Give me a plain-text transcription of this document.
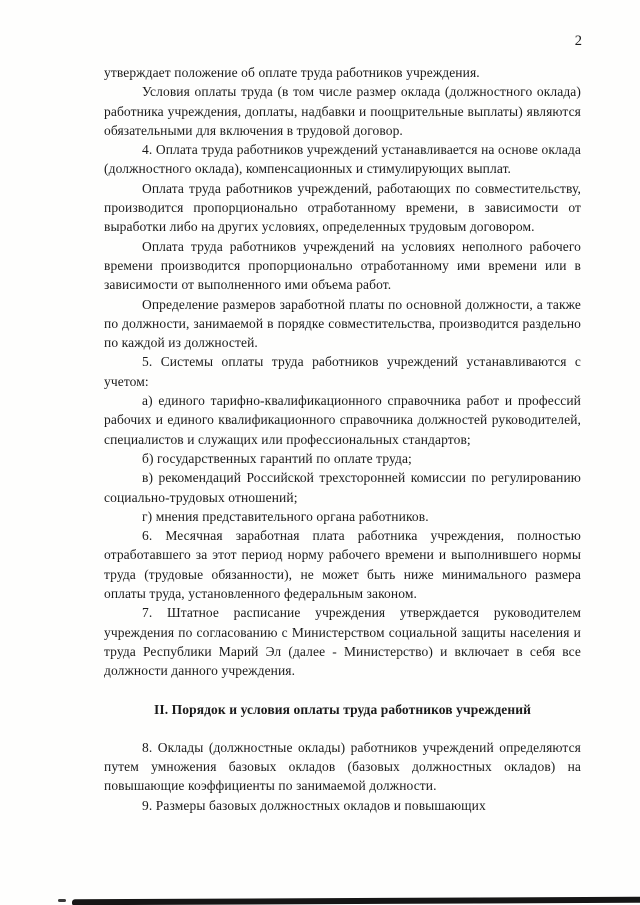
2

утверждает положение об оплате труда работников учреждения.

Условия оплаты труда (в том числе размер оклада (должностного оклада) работника учреждения, доплаты, надбавки и поощрительные выплаты) являются обязательными для включения в трудовой договор.

4. Оплата труда работников учреждений устанавливается на основе оклада (должностного оклада), компенсационных и стимулирующих выплат.

Оплата труда работников учреждений, работающих по совместительству, производится пропорционально отработанному времени, в зависимости от выработки либо на других условиях, определенных трудовым договором.

Оплата труда работников учреждений на условиях неполного рабочего времени производится пропорционально отработанному ими времени или в зависимости от выполненного ими объема работ.

Определение размеров заработной платы по основной должности, а также по должности, занимаемой в порядке совместительства, производится раздельно по каждой из должностей.

5. Системы оплаты труда работников учреждений устанавливаются с учетом:

а) единого тарифно-квалификационного справочника работ и профессий рабочих и единого квалификационного справочника должностей руководителей, специалистов и служащих или профессиональных стандартов;

б) государственных гарантий по оплате труда;

в) рекомендаций Российской трехсторонней комиссии по регулированию социально-трудовых отношений;

г) мнения представительного органа работников.

6. Месячная заработная плата работника учреждения, полностью отработавшего за этот период норму рабочего времени и выполнившего нормы труда (трудовые обязанности), не может быть ниже минимального размера оплаты труда, установленного федеральным законом.

7. Штатное расписание учреждения утверждается руководителем учреждения по согласованию с Министерством социальной защиты населения и труда Республики Марий Эл (далее - Министерство) и включает в себя все должности данного учреждения.

II. Порядок и условия оплаты труда работников учреждений

8. Оклады (должностные оклады) работников учреждений определяются путем умножения базовых окладов (базовых должностных окладов) на повышающие коэффициенты по занимаемой должности.

9. Размеры базовых должностных окладов и повышающих
